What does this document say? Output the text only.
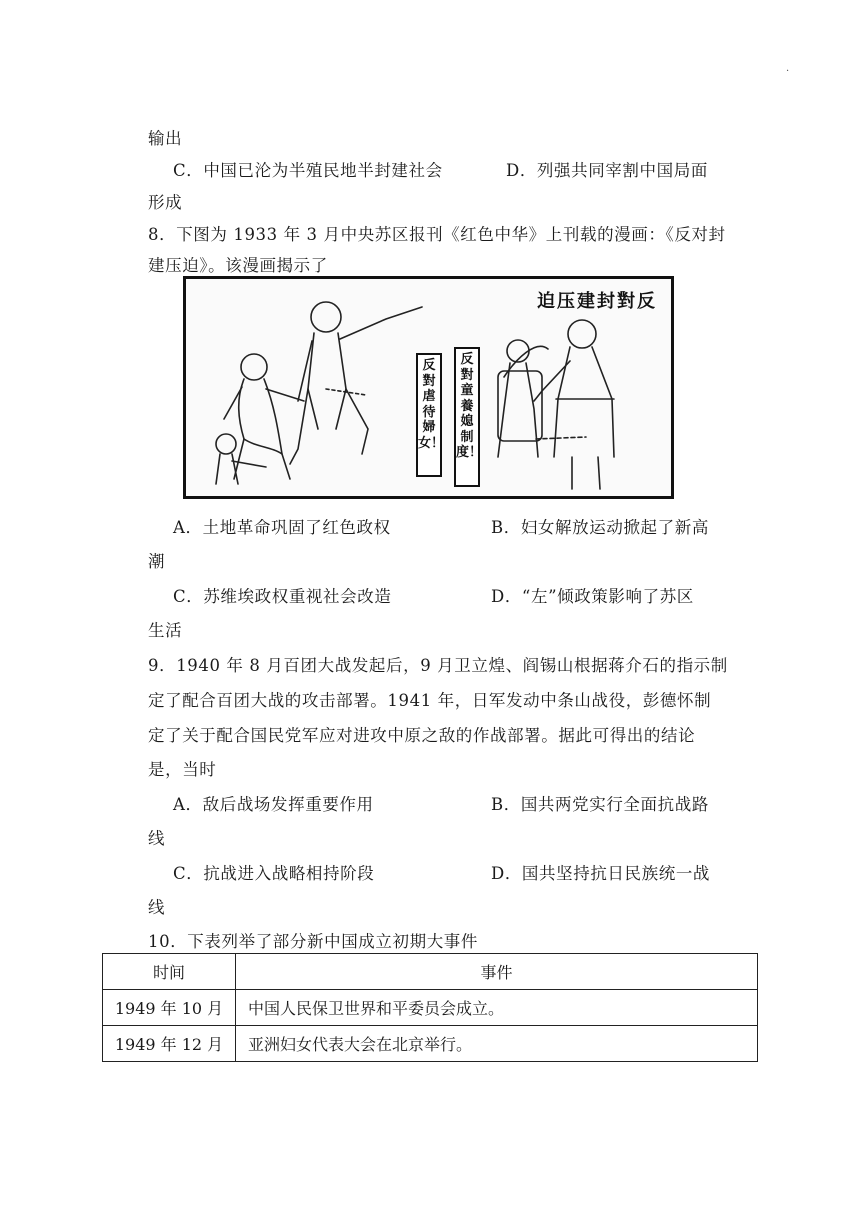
·
输出
C．中国已沦为半殖民地半封建社会	D．列强共同宰割中国局面
形成
8．下图为 1933 年 3 月中央苏区报刊《红色中华》上刊载的漫画：《反对封
建压迫》。该漫画揭示了
迫压建封對反
反對虐待婦女！
反對童養媳制度！
A．土地革命巩固了红色政权	B．妇女解放运动掀起了新高
潮
C．苏维埃政权重视社会改造	D．“左”倾政策影响了苏区
生活
9．1940 年 8 月百团大战发起后，9 月卫立煌、阎锡山根据蒋介石的指示制
定了配合百团大战的攻击部署。1941 年，日军发动中条山战役，彭德怀制
定了关于配合国民党军应对进攻中原之敌的作战部署。据此可得出的结论
是，当时
A．敌后战场发挥重要作用	B．国共两党实行全面抗战路
线
C．抗战进入战略相持阶段	D．国共坚持抗日民族统一战
线
10．下表列举了部分新中国成立初期大事件
时间	事件
1949 年 10 月	中国人民保卫世界和平委员会成立。
1949 年 12 月	亚洲妇女代表大会在北京举行。
